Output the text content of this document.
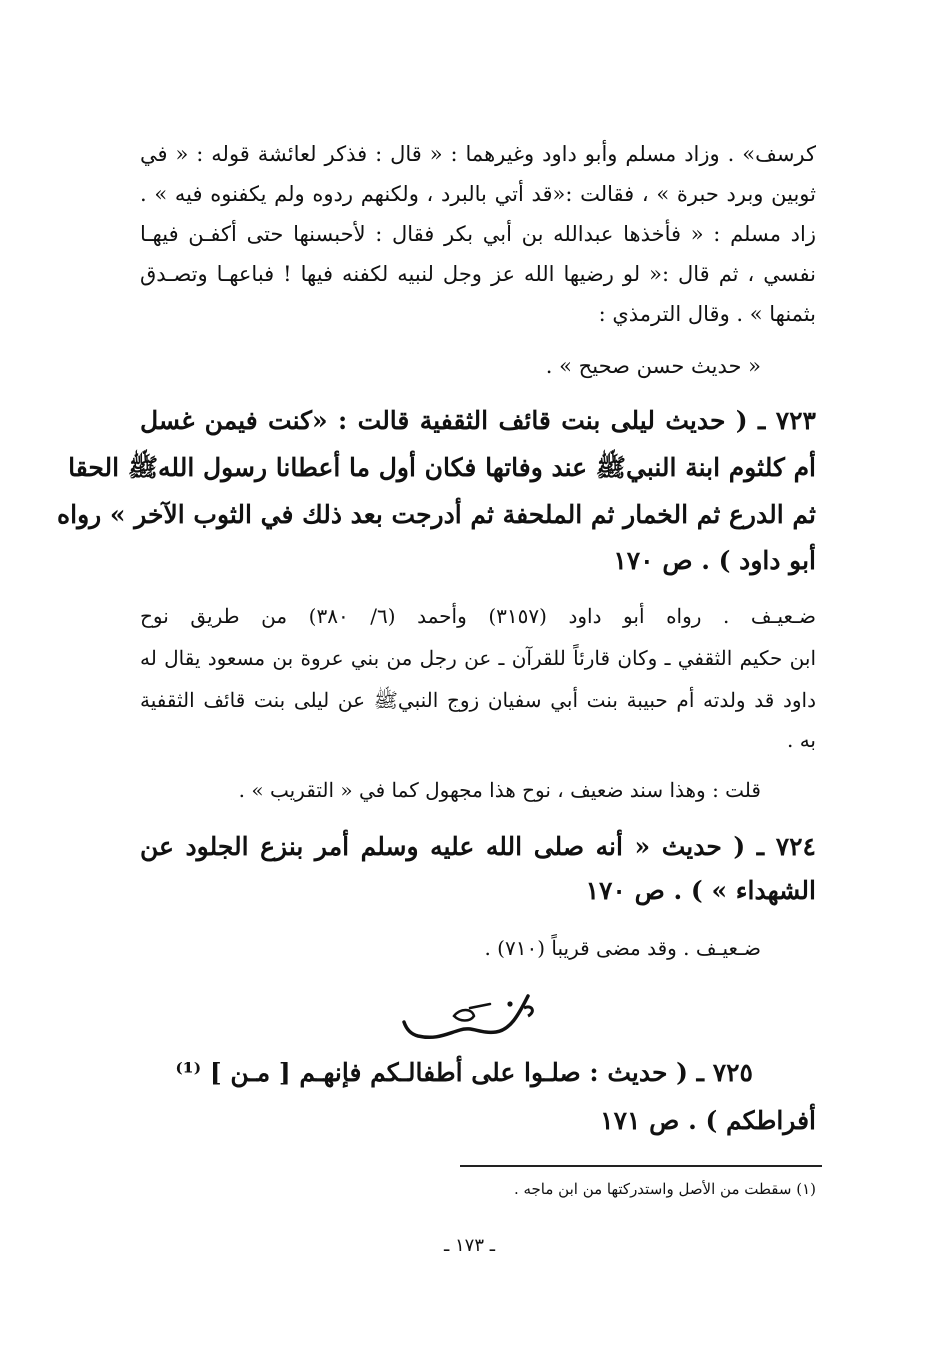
كرسف» . وزاد مسلم وأبو داود وغيرهما : « قال : فذكر لعائشة قوله : « في
ثوبين وبرد حبرة » ، فقالت :«قد أتي بالبرد ، ولكنهم ردوه ولم يكفنوه فيه » .
زاد مسلم : « فأخذها عبدالله بن أبي بكر فقال : لأحبسنها حتى أكفـن فيهـا
نفسي ، ثم قال :« لو رضيها الله عز وجل لنبيه لكفنه فيها ! فباعهـا وتصـدق
بثمنها » . وقال الترمذي :
« حديث حسن صحيح » .
٧٢٣ ـ ( حديث ليلى بنت قائف الثقفية قالت : «كنت فيمن غسل
أم كلثوم ابنة النبيﷺ عند وفاتها فكان أول ما أعطانا رسول اللهﷺ الحقا
ثم الدرع ثم الخمار ثم الملحفة ثم أدرجت بعد ذلك في الثوب الآخر » رواه
أبو داود ) . ص ١٧٠
ضـعيـف . رواه أبو داود (٣١٥٧) وأحمد (٦/ ٣٨٠) من طريق نوح
ابن حكيم الثقفي ـ وكان قارئاً للقرآن ـ عن رجل من بني عروة بن مسعود يقال له
داود قد ولدته أم حبيبة بنت أبي سفيان زوج النبيﷺ عن ليلى بنت قائف الثقفية
به .
قلت : وهذا سند ضعيف ، نوح هذا مجهول كما في « التقريب » .
٧٢٤ ـ ( حديث « أنه صلى الله عليه وسلم أمر بنزع الجلود عن
الشهداء » ) . ص ١٧٠
ضـعيـف . وقد مضى قريباً (٧١٠) .
٧٢٥ ـ ( حديث : صلـوا على أطفالـكم فإنهـم [ مـن ] ⁽¹⁾
أفراطكم ) . ص ١٧١
(١) سقطت من الأصل واستدركتها من ابن ماجه .
ـ ١٧٣ ـ
